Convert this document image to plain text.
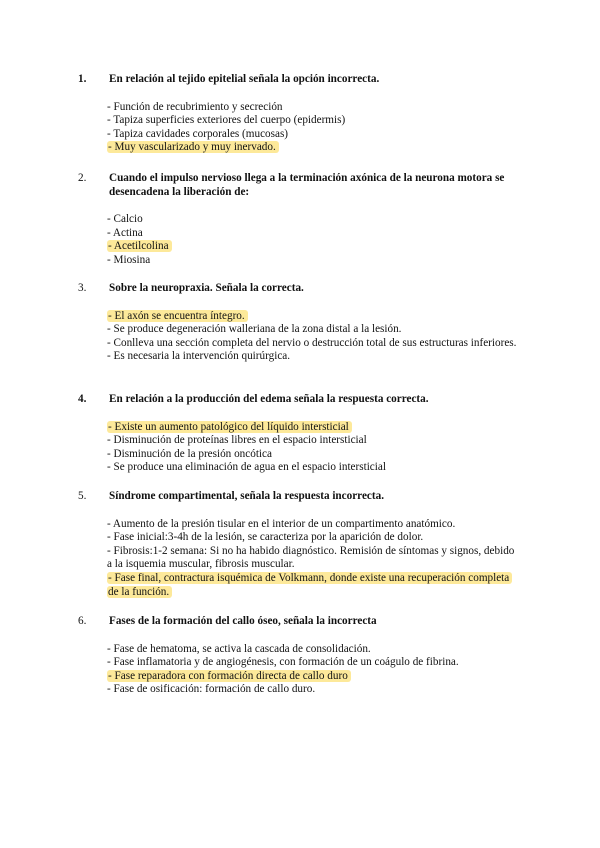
1.	En relación al tejido epitelial señala la opción incorrecta.
- Función de recubrimiento y secreción
- Tapiza superficies exteriores del cuerpo (epidermis)
- Tapiza cavidades corporales (mucosas)
- Muy vascularizado y muy inervado.
2.	Cuando el impulso nervioso llega a la terminación axónica de la neurona motora se desencadena la liberación de:
- Calcio
- Actina
- Acetilcolina
- Miosina
3.	Sobre la neuropraxia. Señala la correcta.
- El axón se encuentra íntegro.
- Se produce degeneración walleriana de la zona distal a la lesión.
- Conlleva una sección completa del nervio o destrucción total de sus estructuras inferiores.
- Es necesaria la intervención quirúrgica.
4.	En relación a la producción del edema señala la respuesta correcta.
- Existe un aumento patológico del líquido intersticial
- Disminución de proteínas libres en el espacio intersticial
- Disminución de la presión oncótica
- Se produce una eliminación de agua en el espacio intersticial
5.	Síndrome compartimental, señala la respuesta incorrecta.
- Aumento de la presión tisular en el interior de un compartimento anatómico.
- Fase inicial:3-4h de la lesión, se caracteriza por la aparición de dolor.
- Fibrosis:1-2 semana: Si no ha habido diagnóstico. Remisión de síntomas y signos, debido a la isquemia muscular, fibrosis muscular.
- Fase final, contractura isquémica de Volkmann, donde existe una recuperación completa de la función.
6.	Fases de la formación del callo óseo, señala la incorrecta
- Fase de hematoma, se activa la cascada de consolidación.
- Fase inflamatoria y de angiogénesis, con formación de un coágulo de fibrina.
- Fase reparadora con formación directa de callo duro
- Fase de osificación: formación de callo duro.
